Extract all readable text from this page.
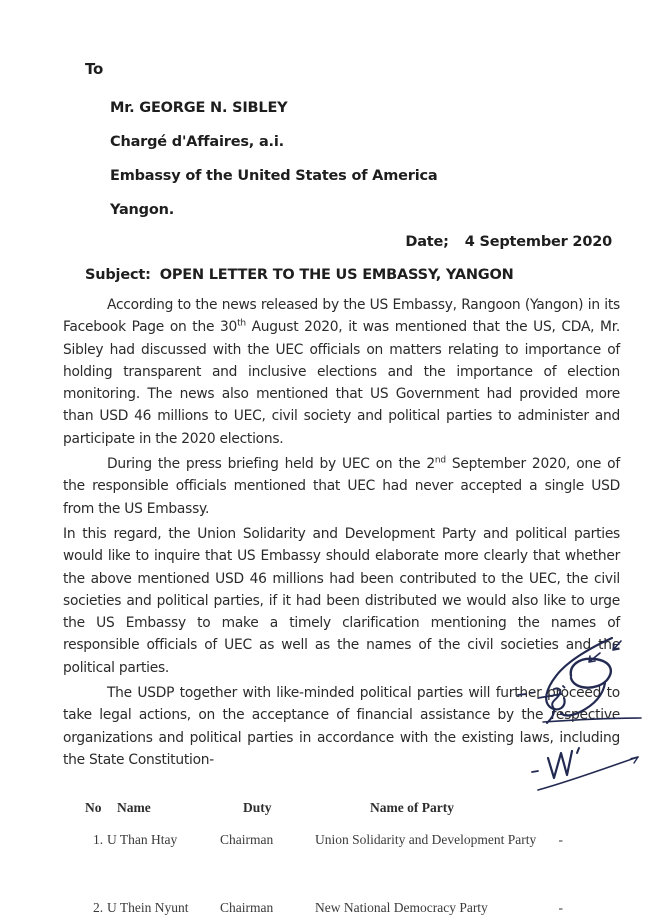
To

Mr. GEORGE N. SIBLEY

Chargé d'Affaires, a.i.

Embassy of the United States of America

Yangon.

Date; 4 September 2020
Subject: OPEN LETTER TO THE US EMBASSY, YANGON

According to the news released by the US Embassy, Rangoon (Yangon) in its Facebook Page on the 30th August 2020, it was mentioned that the US, CDA, Mr. Sibley had discussed with the UEC officials on matters relating to importance of holding transparent and inclusive elections and the importance of election monitoring. The news also mentioned that US Government had provided more than USD 46 millions to UEC, civil society and political parties to administer and participate in the 2020 elections.

During the press briefing held by UEC on the 2nd September 2020, one of the responsible officials mentioned that UEC had never accepted a single USD from the US Embassy.

In this regard, the Union Solidarity and Development Party and political parties would like to inquire that US Embassy should elaborate more clearly that whether the above mentioned USD 46 millions had been contributed to the UEC, the civil societies and political parties, if it had been distributed we would also like to urge the US Embassy to make a timely clarification mentioning the names of responsible officials of UEC as well as the names of the civil societies and the political parties.

The USDP together with like-minded political parties will further proceed to take legal actions, on the acceptance of financial assistance by the respective organizations and political parties in accordance with the existing laws, including the State Constitution-

No	Name	Duty	Name of Party
1. U Than Htay	Chairman	Union Solidarity and Development Party	-
2. U Thein Nyunt	Chairman	New National Democracy Party	-
